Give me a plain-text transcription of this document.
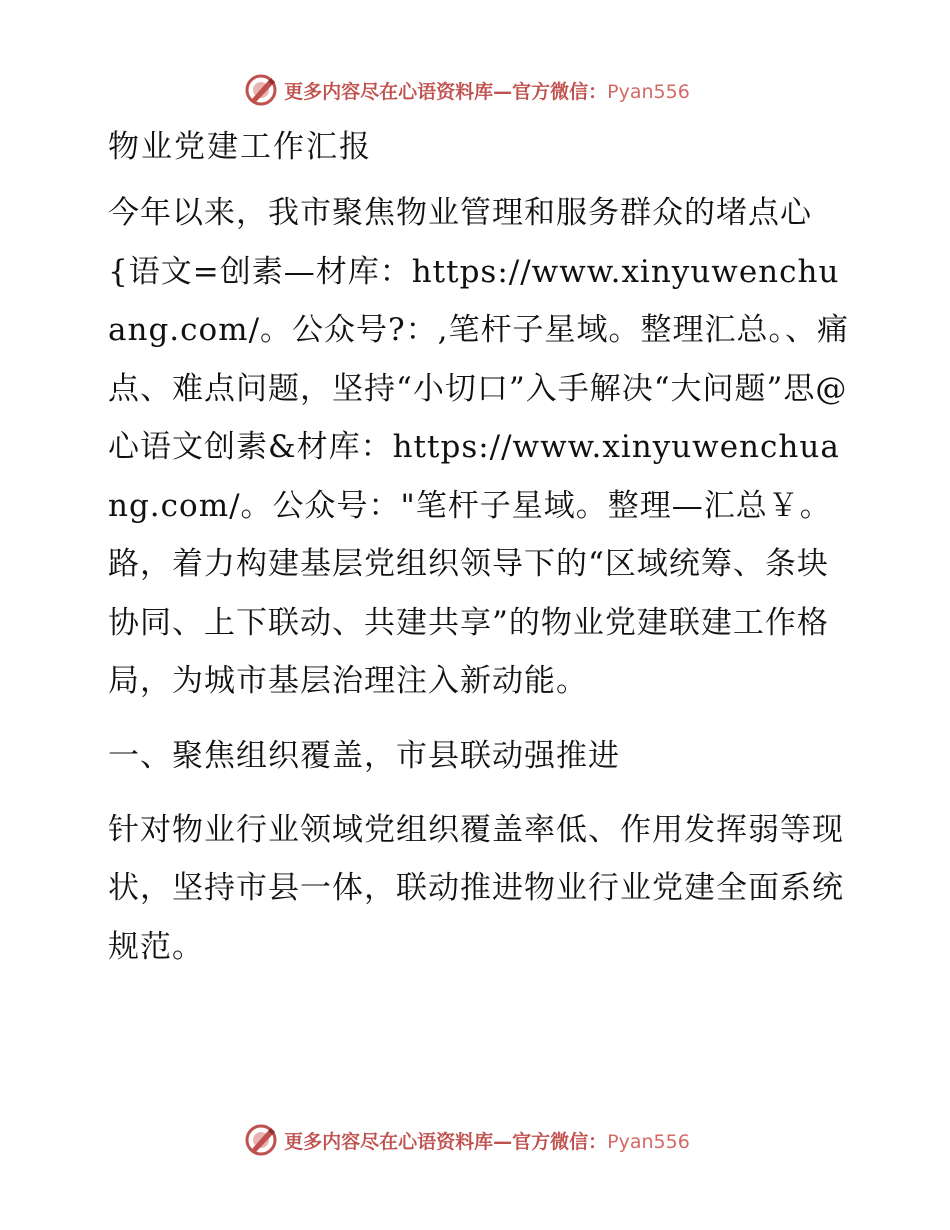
更多内容尽在心语资料库—官方微信：Pyan556
物业党建工作汇报

今年以来，我市聚焦物业管理和服务群众的堵点心{语文=创素—材库：https://www.xinyuwenchuang.com/。公众号?：,笔杆子星域。整理汇总。、痛点、难点问题，坚持“小切口”入手解决“大问题”思@心语文创素&材库：https://www.xinyuwenchuang.com/。公众号："笔杆子星域。整理—汇总￥。路，着力构建基层党组织领导下的“区域统筹、条块协同、上下联动、共建共享”的物业党建联建工作格局，为城市基层治理注入新动能。

一、聚焦组织覆盖，市县联动强推进

针对物业行业领域党组织覆盖率低、作用发挥弱等现状，坚持市县一体，联动推进物业行业党建全面系统规范。

更多内容尽在心语资料库—官方微信：Pyan556
